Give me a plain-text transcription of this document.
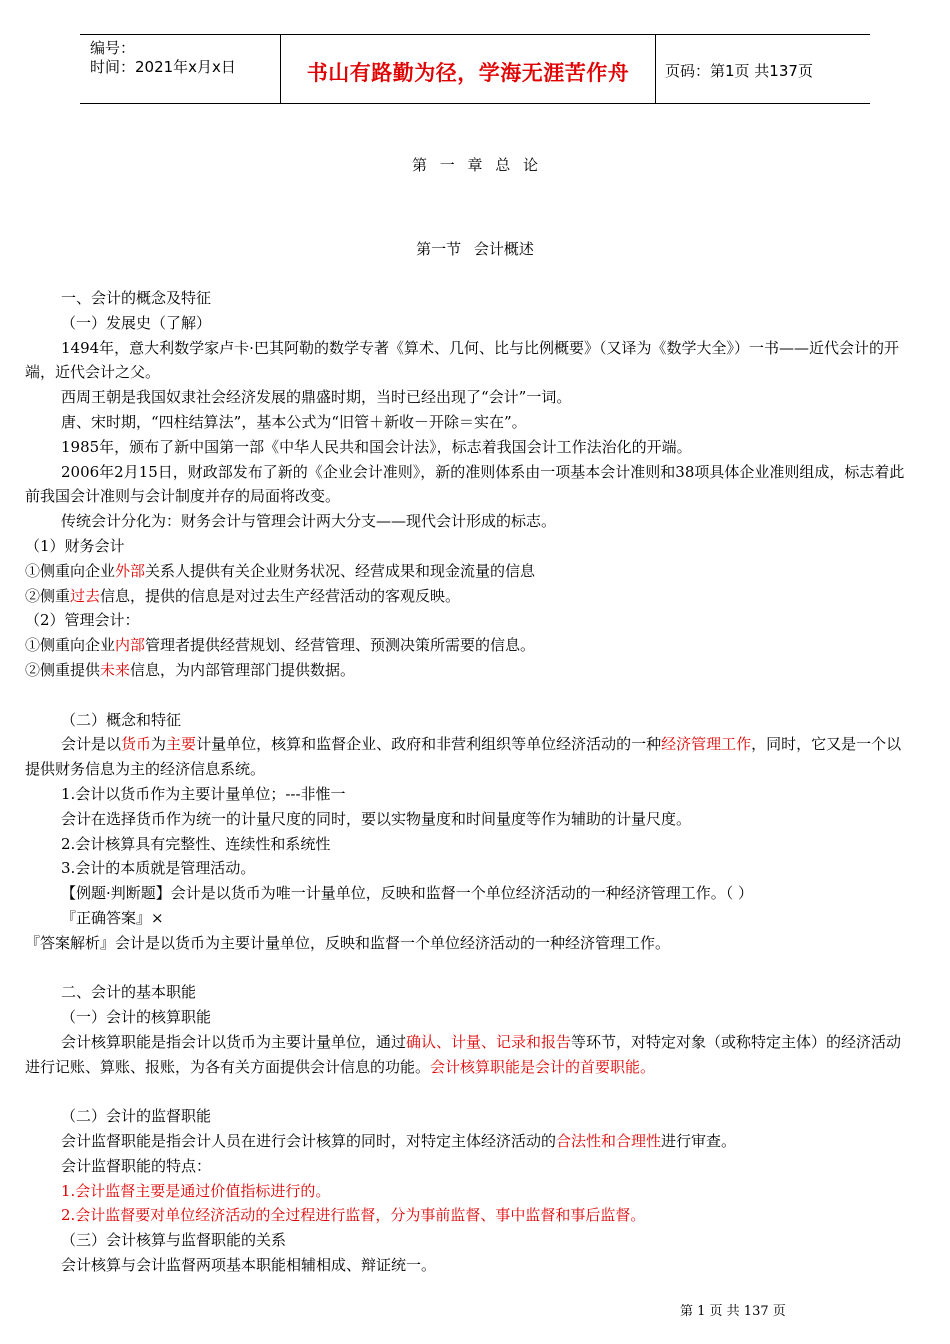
编号：
时间：2021年x月x日	书山有路勤为径，学海无涯苦作舟	页码：第1页 共137页
第 一 章 总 论
第一节 会计概述

一、会计的概念及特征

（一）发展史（了解）

1494年，意大利数学家卢卡·巴其阿勒的数学专著《算术、几何、比与比例概要》（又译为《数学大全》）一书——近代会计的开端，近代会计之父。

西周王朝是我国奴隶社会经济发展的鼎盛时期，当时已经出现了“会计”一词。

唐、宋时期，“四柱结算法”，基本公式为“旧管＋新收－开除＝实在”。

1985年，颁布了新中国第一部《中华人民共和国会计法》，标志着我国会计工作法治化的开端。

2006年2月15日，财政部发布了新的《企业会计准则》，新的准则体系由一项基本会计准则和38项具体企业准则组成，标志着此前我国会计准则与会计制度并存的局面将改变。

传统会计分化为：财务会计与管理会计两大分支——现代会计形成的标志。

（1）财务会计

①侧重向企业外部关系人提供有关企业财务状况、经营成果和现金流量的信息

②侧重过去信息，提供的信息是对过去生产经营活动的客观反映。

（2）管理会计：

①侧重向企业内部管理者提供经营规划、经营管理、预测决策所需要的信息。

②侧重提供未来信息，为内部管理部门提供数据。

（二）概念和特征

会计是以货币为主要计量单位，核算和监督企业、政府和非营利组织等单位经济活动的一种经济管理工作，同时，它又是一个以提供财务信息为主的经济信息系统。

1.会计以货币作为主要计量单位；---非惟一

会计在选择货币作为统一的计量尺度的同时，要以实物量度和时间量度等作为辅助的计量尺度。

2.会计核算具有完整性、连续性和系统性

3.会计的本质就是管理活动。

【例题·判断题】会计是以货币为唯一计量单位，反映和监督一个单位经济活动的一种经济管理工作。（ ）

『正确答案』×

『答案解析』会计是以货币为主要计量单位，反映和监督一个单位经济活动的一种经济管理工作。

二、会计的基本职能

（一）会计的核算职能

会计核算职能是指会计以货币为主要计量单位，通过确认、计量、记录和报告等环节，对特定对象（或称特定主体）的经济活动进行记账、算账、报账，为各有关方面提供会计信息的功能。会计核算职能是会计的首要职能。

（二）会计的监督职能

会计监督职能是指会计人员在进行会计核算的同时，对特定主体经济活动的合法性和合理性进行审查。

会计监督职能的特点：

1.会计监督主要是通过价值指标进行的。

2.会计监督要对单位经济活动的全过程进行监督，分为事前监督、事中监督和事后监督。

（三）会计核算与监督职能的关系

会计核算与会计监督两项基本职能相辅相成、辩证统一。

第 1 页 共 137 页
